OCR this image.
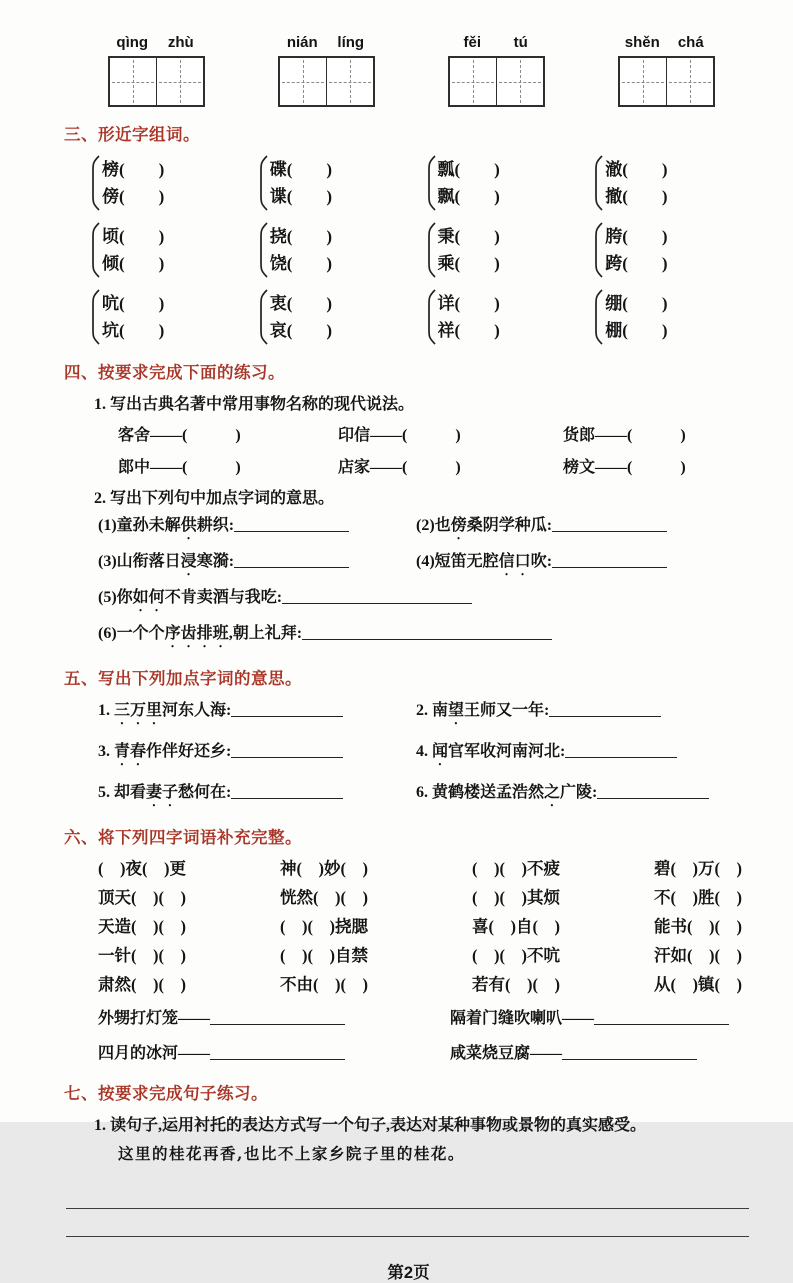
qìng	zhù	nián	líng	fěi	tú	shěn	chá
三、形近字组词。
榜(　　)
傍(　　)
碟(　　)
谍(　　)
瓢(　　)
飘(　　)
澈(　　)
撤(　　)
顷(　　)
倾(　　)
挠(　　)
饶(　　)
秉(　　)
乘(　　)
胯(　　)
跨(　　)
吭(　　)
坑(　　)
衷(　　)
哀(　　)
详(　　)
祥(　　)
绷(　　)
棚(　　)
四、按要求完成下面的练习。
1. 写出古典名著中常用事物名称的现代说法。
客舍——(　　　)	印信——(　　　)	货郎——(　　　)
郎中——(　　　)	店家——(　　　)	榜文——(　　　)
2. 写出下列句中加点字词的意思。
(1)童孙未解供耕织:	(2)也傍桑阴学种瓜:
(3)山衔落日浸寒漪:	(4)短笛无腔信口吹:
(5)你如何不肯卖酒与我吃:
(6)一个个序齿排班,朝上礼拜:
五、写出下列加点字词的意思。
1. 三万里河东人海:	2. 南望王师又一年:
3. 青春作伴好还乡:	4. 闻官军收河南河北:
5. 却看妻子愁何在:	6. 黄鹤楼送孟浩然之广陵:
六、将下列四字词语补充完整。
(　)夜(　)更	神(　)妙(　)	(　)(　)不疲	碧(　)万(　)
顶天(　)(　)	恍然(　)(　)	(　)(　)其烦	不(　)胜(　)
天造(　)(　)	(　)(　)挠腮	喜(　)自(　)	能书(　)(　)
一针(　)(　)	(　)(　)自禁	(　)(　)不吭	汗如(　)(　)
肃然(　)(　)	不由(　)(　)	若有(　)(　)	从(　)镇(　)
外甥打灯笼——	隔着门缝吹喇叭——
四月的冰河——	咸菜烧豆腐——
七、按要求完成句子练习。
1. 读句子,运用衬托的表达方式写一个句子,表达对某种事物或景物的真实感受。
这里的桂花再香,也比不上家乡院子里的桂花。
第2页
